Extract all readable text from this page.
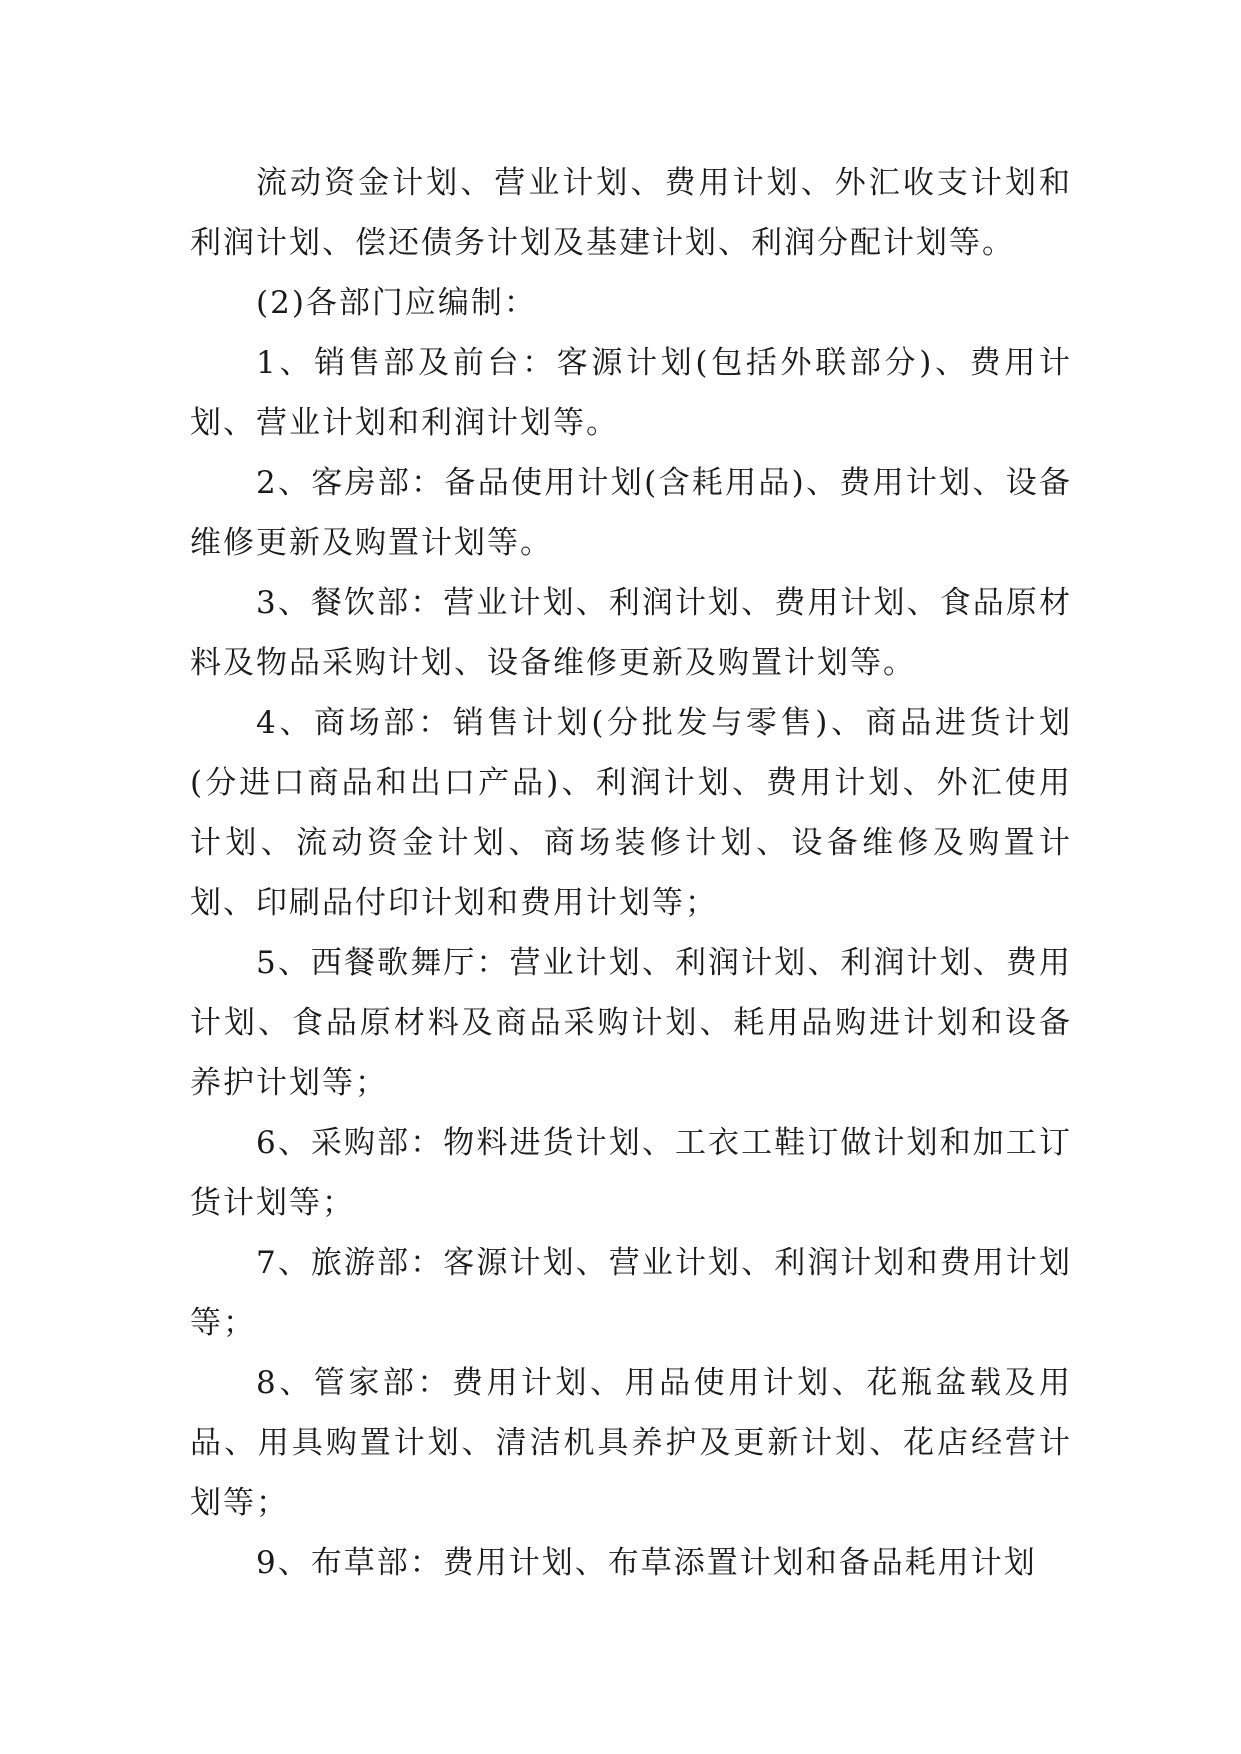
流动资金计划、营业计划、费用计划、外汇收支计划和利润计划、偿还债务计划及基建计划、利润分配计划等。

(2)各部门应编制：

1、销售部及前台：客源计划(包括外联部分)、费用计划、营业计划和利润计划等。

2、客房部：备品使用计划(含耗用品)、费用计划、设备维修更新及购置计划等。

3、餐饮部：营业计划、利润计划、费用计划、食品原材料及物品采购计划、设备维修更新及购置计划等。

4、商场部：销售计划(分批发与零售)、商品进货计划(分进口商品和出口产品)、利润计划、费用计划、外汇使用计划、流动资金计划、商场装修计划、设备维修及购置计划、印刷品付印计划和费用计划等；

5、西餐歌舞厅：营业计划、利润计划、利润计划、费用计划、食品原材料及商品采购计划、耗用品购进计划和设备养护计划等；

6、采购部：物料进货计划、工衣工鞋订做计划和加工订货计划等；

7、旅游部：客源计划、营业计划、利润计划和费用计划等；

8、管家部：费用计划、用品使用计划、花瓶盆载及用品、用具购置计划、清洁机具养护及更新计划、花店经营计划等；

9、布草部：费用计划、布草添置计划和备品耗用计划
